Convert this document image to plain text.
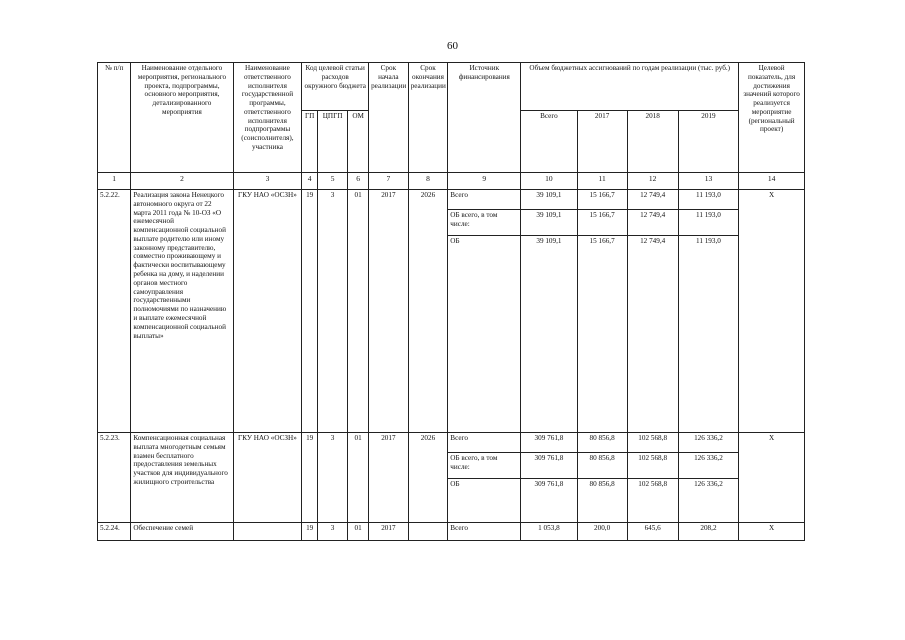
60
№ п/п	Наименование отдельного мероприятия, регионального проекта, подпрограммы, основного мероприятия, детализированного мероприятия	Наименование ответственного исполнителя государственной программы, ответственного исполнителя подпрограммы (соисполнителя), участника	Код целевой статьи расходов окружного бюджета			Срок начала реализации	Срок окончания реализации	Источник финансирования	Объем бюджетных ассигнований по годам реализации (тыс. руб.)				Целевой показатель, для достижения значений которого реализуется мероприятие (региональный проект)
			ГП	ЦПГП	ОМ				Всего	2017	2018	2019	
1	2	3	4	5	6	7	8	9	10	11	12	13	14
5.2.22.	Реализация закона Ненецкого автономного округа от 22 марта 2011 года № 10-ОЗ «О ежемесячной компенсационной социальной выплате родителю или иному законному представителю, совместно проживающему и фактически воспитывающему ребенка на дому, и наделении органов местного самоуправления государственными полномочиями по назначению и выплате ежемесячной компенсационной социальной выплаты»	ГКУ НАО «ОСЗН»	19	3	01	2017	2026	Всего	39 109,1	15 166,7	12 749,4	11 193,0	Х
								ОБ всего, в том числе:	39 109,1	15 166,7	12 749,4	11 193,0	
								ОБ	39 109,1	15 166,7	12 749,4	11 193,0	
5.2.23.	Компенсационная социальная выплата многодетным семьям взамен бесплатного предоставления земельных участков для индивидуального жилищного строительства	ГКУ НАО «ОСЗН»	19	3	01	2017	2026	Всего	309 761,8	80 856,8	102 568,8	126 336,2	Х
								ОБ всего, в том числе:	309 761,8	80 856,8	102 568,8	126 336,2	
								ОБ	309 761,8	80 856,8	102 568,8	126 336,2	
5.2.24.	Обеспечение семей		19	3	01	2017		Всего	1 053,8	200,0	645,6	208,2	Х
